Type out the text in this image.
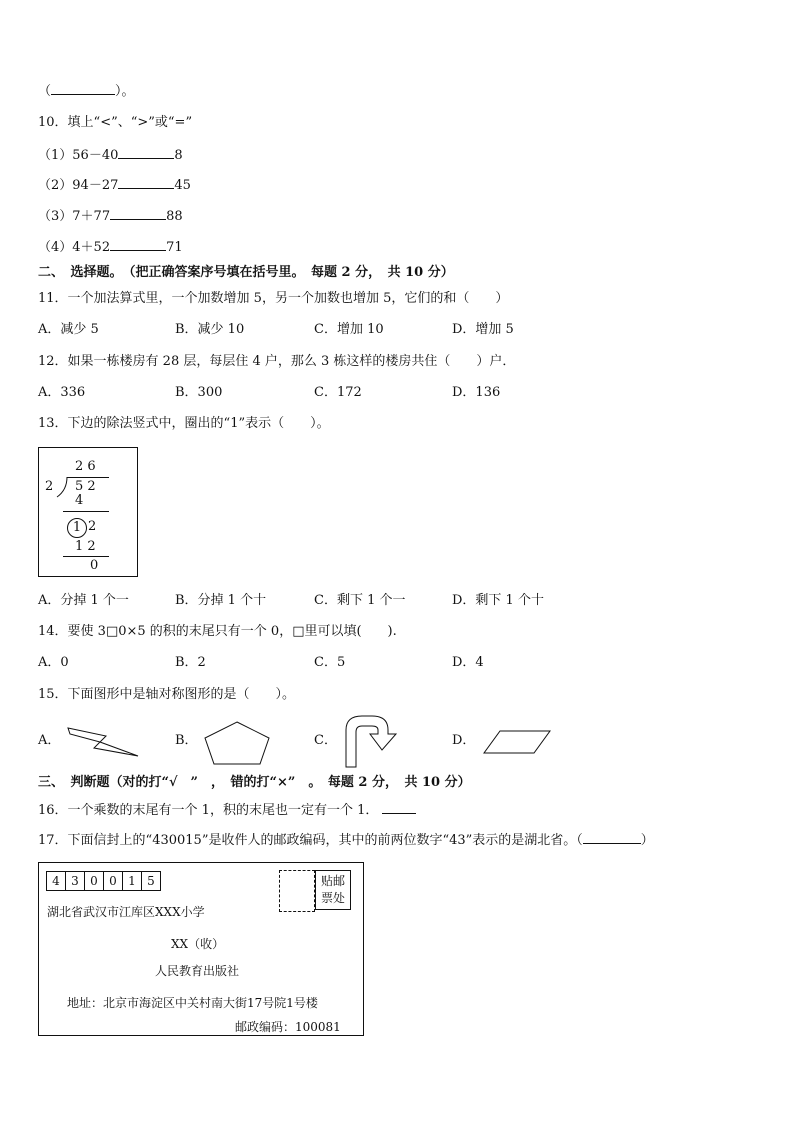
（	）。
10．填上“<”、“>”或“=”
（1）56－40	8
（2）94－27	45
（3）7＋77	88
（4）4＋52	71
二、　选择题。　（把正确答案序号填在括号里。　每题 2 分，　共 10 分）
11．一个加法算式里，一个加数增加 5，另一个加数也增加 5，它们的和（　　）
A．减少 5	B．减少 10	C．增加 10	D．增加 5
12．如果一栋楼房有 28 层，每层住 4 户，那么 3 栋这样的楼房共住（　　）户．
A．336	B．300	C．172	D．136
13．下边的除法竖式中，圈出的“1”表示（　　）。
2 6
2 5 2
4
1 2
1 2
0
A．分掉 1 个一	B．分掉 1 个十	C．剩下 1 个一	D．剩下 1 个十
14．要使 3□0×5 的积的末尾只有一个 0，□里可以填(　　).
A．0	B．2	C．5	D．4
15．下面图形中是轴对称图形的是（　　）。
A．	B．	C．	D．
三、　判断题（对的打“√　”　，　错的打“×”　。　每题 2 分，　共 10 分）
16．一个乘数的末尾有一个 1，积的末尾也一定有一个 1．
17．下面信封上的“430015”是收件人的邮政编码，其中的前两位数字“43”表示的是湖北省。（	）
4 3 0 0 1 5	贴邮
票处
湖北省武汉市江库区XXX小学
XX（收）
人民教育出版社
地址：北京市海淀区中关村南大街17号院1号楼
邮政编码：100081
